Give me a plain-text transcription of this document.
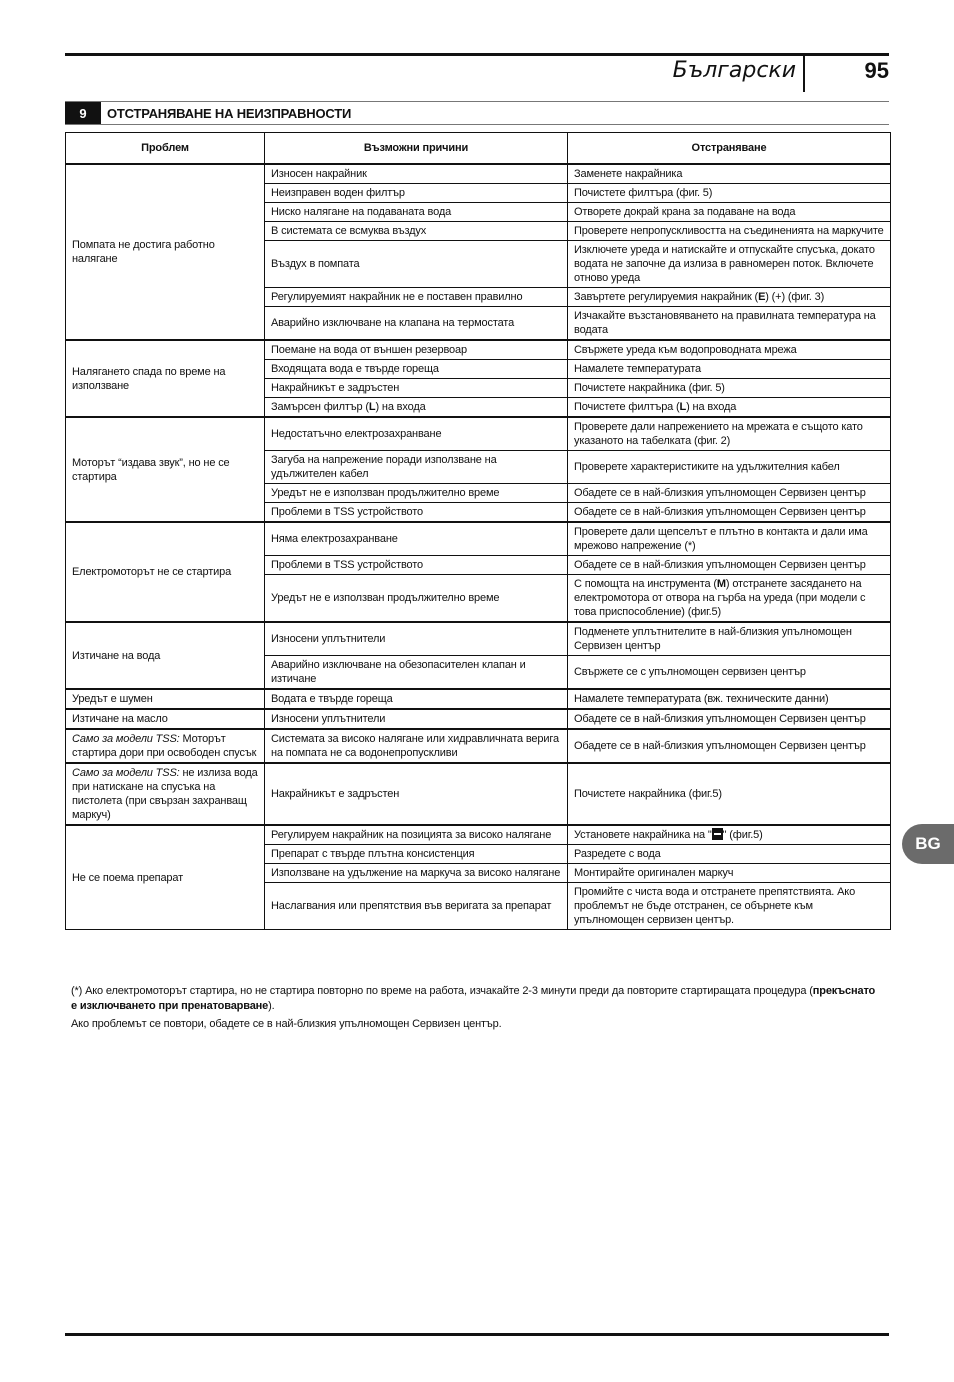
Български	95
9	ОТСТРАНЯВАНЕ НА НЕИЗПРАВНОСТИ
Проблем	Възможни причини	Отстраняване
Помпата не достига работно налягане	Износен накрайник	Заменете накрайника
	Неизправен воден филтър	Почистете филтъра (фиг. 5)
	Ниско налягане на подаваната вода	Отворете докрай крана за подаване на вода
	В системата се всмуква въздух	Проверете непропускливостта на съединенията на маркучите
	Въздух в помпата	Изключете уреда и натискайте и отпускайте спусъка, докато водата не започне да излиза в равномерен поток. Включете отново уреда
	Регулируемият накрайник не е поставен правилно	Завъртете регулируемия накрайник (E) (+) (фиг. 3)
	Аварийно изключване на клапана на термостата	Изчакайте възстановяването на правилната температура на водата
Налягането спада по време на използване	Поемане на вода от външен резервоар	Свържете уреда към водопроводната мрежа
	Входящата вода е твърде гореща	Намалете температурата
	Накрайникът е задръстен	Почистете накрайника (фиг. 5)
	Замърсен филтър (L) на входа	Почистете филтъра (L) на входа
Моторът “издава звук”, но не се стартира	Недостатъчно електрозахранване	Проверете дали напрежението на мрежата е същото като указаното на табелката (фиг. 2)
	Загуба на напрежение поради използване на удължителен кабел	Проверете характеристиките на удължителния кабел
	Уредът не е използван продължително време	Обадете се в най-близкия упълномощен Сервизен център
	Проблеми в TSS устройството	Обадете се в най-близкия упълномощен Сервизен център
Електромоторът не се стартира	Няма електрозахранване	Проверете дали щепселът е плътно в контакта и дали има мрежово напрежение (*)
	Проблеми в TSS устройството	Обадете се в най-близкия упълномощен Сервизен център
	Уредът не е използван продължително време	С помощта на инструмента (M) отстранете засядането на електромотора от отвора на гърба на уреда (при модели с това приспособление) (фиг.5)
Изтичане на вода	Износени уплътнители	Подменете уплътнителите в най-близкия упълномощен Сервизен център
	Аварийно изключване на обезопасителен клапан и изтичане	Свържете се с упълномощен сервизен център
Уредът е шумен	Водата е твърде гореща	Намалете температурата (вж. техническите данни)
Изтичане на масло	Износени уплътнители	Обадете се в най-близкия упълномощен Сервизен център
Само за модели TSS: Моторът стартира дори при освободен спусък	Системата за високо налягане или хидравличната верига на помпата не са водонепропускливи	Обадете се в най-близкия упълномощен Сервизен център
Само за модели TSS: не излиза вода при натискане на спусъка на пистолета (при свързан захранващ маркуч)	Накрайникът е задръстен	Почистете накрайника (фиг.5)
Не се поема препарат	Регулируем накрайник на позицията за високо налягане	Установете накрайника на " " (фиг.5)
	Препарат с твърде плътна консистенция	Разредете с вода
	Използване на удължение на маркуча за високо налягане	Монтирайте оригинален маркуч
	Наслагвания или препятствия във веригата за препарат	Промийте с чиста вода и отстранете препятствията. Ако проблемът не бъде отстранен, се обърнете към упълномощен сервизен център.

(*) Ако електромоторът стартира, но не стартира повторно по време на работа, изчакайте 2-3 минути преди да повторите стартиращата процедура (прекъснато е изключването при пренатоварване).

Ако проблемът се повтори, обадете се в най-близкия упълномощен Сервизен център.

BG
